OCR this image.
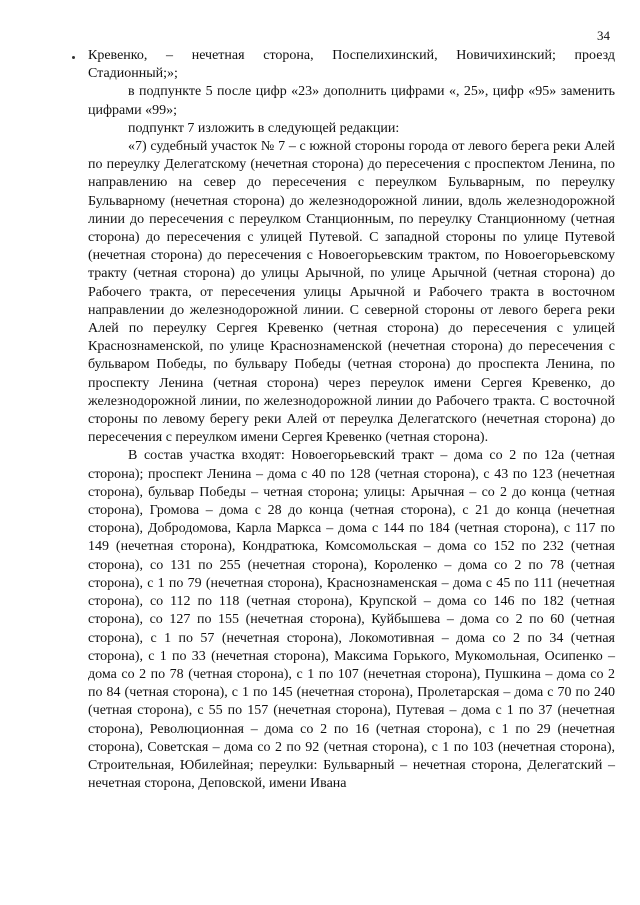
34

Кревенко, – нечетная сторона, Поспелихинский, Новичихинский; проезд Стадионный;»;

в подпункте 5 после цифр «23» дополнить цифрами «, 25», цифр «95» заменить цифрами «99»;

подпункт 7 изложить в следующей редакции:

«7) судебный участок № 7 – с южной стороны города от левого берега реки Алей по переулку Делегатскому (нечетная сторона) до пересечения с проспектом Ленина, по направлению на север до пересечения с переулком Бульварным, по переулку Бульварному (нечетная сторона) до железнодорожной линии, вдоль железнодорожной линии до пересечения с переулком Станционным, по переулку Станционному (четная сторона) до пересечения с улицей Путевой. С западной стороны по улице Путевой (нечетная сторона) до пересечения с Новоегорьевским трактом, по Новоегорьевскому тракту (четная сторона) до улицы Арычной, по улице Арычной (четная сторона) до Рабочего тракта, от пересечения улицы Арычной и Рабочего тракта в восточном направлении до железнодорожной линии. С северной стороны от левого берега реки Алей по переулку Сергея Кревенко (четная сторона) до пересечения с улицей Краснознаменской, по улице Краснознаменской (нечетная сторона) до пересечения с бульваром Победы, по бульвару Победы (четная сторона) до проспекта Ленина, по проспекту Ленина (четная сторона) через переулок имени Сергея Кревенко, до железнодорожной линии, по железнодорожной линии до Рабочего тракта. С восточной стороны по левому берегу реки Алей от переулка Делегатского (нечетная сторона) до пересечения с переулком имени Сергея Кревенко (четная сторона).

В состав участка входят: Новоегорьевский тракт – дома со 2 по 12а (четная сторона); проспект Ленина – дома с 40 по 128 (четная сторона), с 43 по 123 (нечетная сторона), бульвар Победы – четная сторона; улицы: Арычная – со 2 до конца (четная сторона), Громова – дома с 28 до конца (четная сторона), с 21 до конца (нечетная сторона), Добродомова, Карла Маркса – дома с 144 по 184 (четная сторона), с 117 по 149 (нечетная сторона), Кондратюка, Комсомольская – дома со 152 по 232 (четная сторона), со 131 по 255 (нечетная сторона), Короленко – дома со 2 по 78 (четная сторона), с 1 по 79 (нечетная сторона), Краснознаменская – дома с 45 по 111 (нечетная сторона), со 112 по 118 (четная сторона), Крупской – дома со 146 по 182 (четная сторона), со 127 по 155 (нечетная сторона), Куйбышева – дома со 2 по 60 (четная сторона), с 1 по 57 (нечетная сторона), Локомотивная – дома со 2 по 34 (четная сторона), с 1 по 33 (нечетная сторона), Максима Горького, Мукомольная, Осипенко – дома со 2 по 78 (четная сторона), с 1 по 107 (нечетная сторона), Пушкина – дома со 2 по 84 (четная сторона), с 1 по 145 (нечетная сторона), Пролетарская – дома с 70 по 240 (четная сторона), с 55 по 157 (нечетная сторона), Путевая – дома с 1 по 37 (нечетная сторона), Революционная – дома со 2 по 16 (четная сторона), с 1 по 29 (нечетная сторона), Советская – дома со 2 по 92 (четная сторона), с 1 по 103 (нечетная сторона), Строительная, Юбилейная; переулки: Бульварный – нечетная сторона, Делегатский – нечетная сторона, Деповской, имени Ивана
